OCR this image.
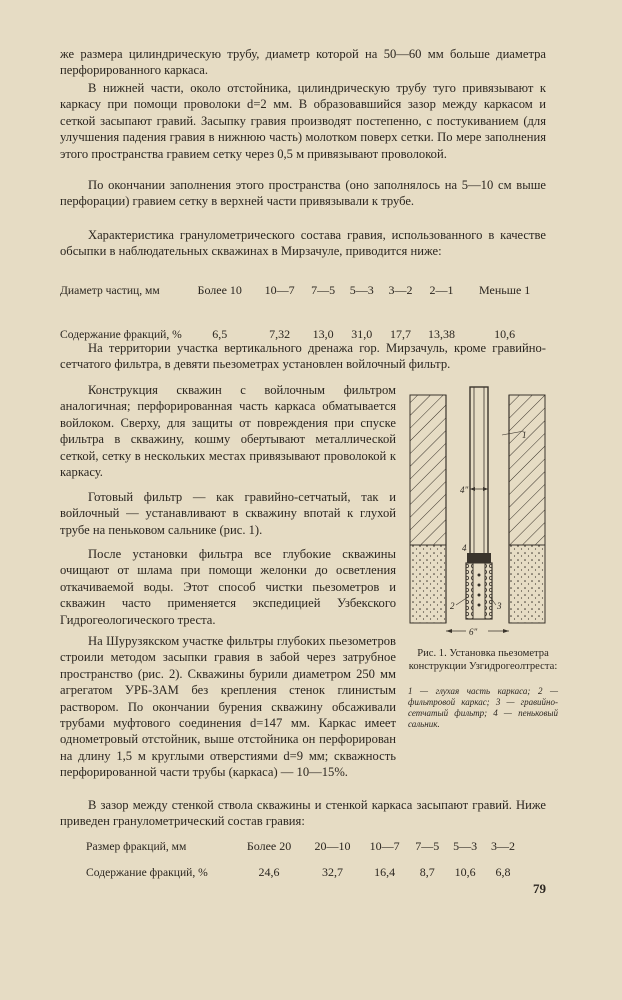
же размера цилиндрическую трубу, диаметр которой на 50—60 мм больше диаметра перфорированного каркаса.

В нижней части, около отстойника, цилиндрическую трубу туго привязывают к каркасу при помощи проволоки d=2 мм. В образовавшийся зазор между каркасом и сеткой засыпают гравий. Засыпку гравия производят постепенно, с постукиванием (для улучшения падения гравия в нижнюю часть) молотком поверх сетки. По мере заполнения этого пространства гравием сетку через 0,5 м привязывают проволокой.

По окончании заполнения этого пространства (оно заполнялось на 5—10 см выше перфорации) гравием сетку в верхней части привязывали к трубе.

Характеристика гранулометрического состава гравия, использованного в качестве обсыпки в наблюдательных скважинах в Мирзачуле, приводится ниже:

Диаметр частиц, мм	Более 10	10—7	7—5	5—3	3—2	2—1	Меньше 1
Содержание фракций, %	6,5	7,32	13,0	31,0	17,7	13,38	10,6

На территории участка вертикального дренажа гор. Мирзачуль, кроме гравийно-сетчатого фильтра, в девяти пьезометрах установлен войлочный фильтр.

Конструкция скважин с войлочным фильтром аналогичная; перфорированная часть каркаса обматывается войлоком. Сверху, для защиты от повреждения при спуске фильтра в скважину, кошму обертывают металлической сеткой, сетку в нескольких местах привязывают проволокой к каркасу.

Готовый фильтр — как гравийно-сетчатый, так и войлочный — устанавливают в скважину впотай к глухой трубе на пеньковом сальнике (рис. 1).

После установки фильтра все глубокие скважины очищают от шлама при помощи желонки до осветления откачиваемой воды. Этот способ чистки пьезометров и скважин часто применяется экспедицией Узбекского Гидрогеологического треста.

На Шурузякском участке фильтры глубоких пьезометров строили методом засыпки гравия в забой через затрубное пространство (рис. 2). Скважины бурили диаметром 250 мм агрегатом УРБ-3АМ без крепления стенок глинистым раствором. По окончании бурения скважину обсаживали трубами муфтового соединения d=147 мм. Каркас имеет однометровый отстойник, выше отстойника он перфорирован на длину 1,5 м круглыми отверстиями d=9 мм; скважность перфорированной части трубы (каркаса) — 10—15%.

В зазор между стенкой ствола скважины и стенкой каркаса засыпают гравий. Ниже приведен гранулометрический состав гравия:

Размер фракций, мм	Более 20	20—10	10—7	7—5	5—3	3—2
Содержание фракций, %	24,6	32,7	16,4	8,7	10,6	6,8
4"
6"
1
4
2	3
Рис. 1. Установка пьезометра конструкции Узгидрогеолтреста:
1 — глухая часть каркаса; 2 — фильтровой каркас; 3 — гравийно-сетчатый фильтр; 4 — пеньковый сальник.
79
